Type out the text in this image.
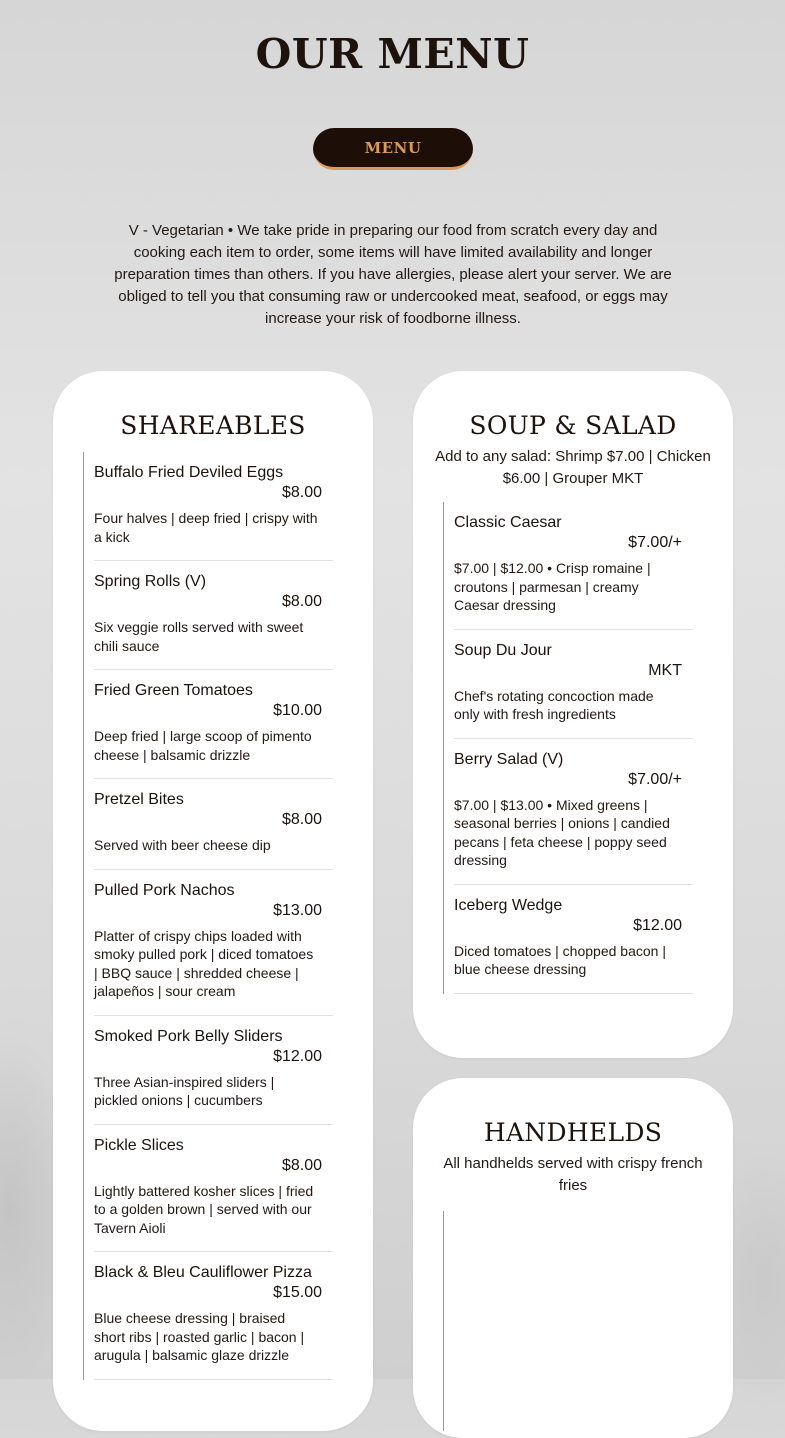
OUR MENU
MENU

V - Vegetarian • We take pride in preparing our food from scratch every day and cooking each item to order, some items will have limited availability and longer preparation times than others. If you have allergies, please alert your server. We are obliged to tell you that consuming raw or undercooked meat, seafood, or eggs may increase your risk of foodborne illness.

SHAREABLES
Buffalo Fried Deviled Eggs
$8.00
Four halves | deep fried | crispy with a kick
Spring Rolls (V)
$8.00
Six veggie rolls served with sweet chili sauce
Fried Green Tomatoes
$10.00
Deep fried | large scoop of pimento cheese | balsamic drizzle
Pretzel Bites
$8.00
Served with beer cheese dip
Pulled Pork Nachos
$13.00
Platter of crispy chips loaded with smoky pulled pork | diced tomatoes | BBQ sauce | shredded cheese | jalapeños | sour cream
Smoked Pork Belly Sliders
$12.00
Three Asian-inspired sliders | pickled onions | cucumbers
Pickle Slices
$8.00
Lightly battered kosher slices | fried to a golden brown | served with our Tavern Aioli
Black & Bleu Cauliflower Pizza
$15.00
Blue cheese dressing | braised short ribs | roasted garlic | bacon | arugula | balsamic glaze drizzle
SOUP & SALAD
Add to any salad: Shrimp $7.00 | Chicken $6.00 | Grouper MKT
Classic Caesar
$7.00/+
$7.00 | $12.00 • Crisp romaine | croutons | parmesan | creamy Caesar dressing
Soup Du Jour
MKT
Chef's rotating concoction made only with fresh ingredients
Berry Salad (V)
$7.00/+
$7.00 | $13.00 • Mixed greens | seasonal berries | onions | candied pecans | feta cheese | poppy seed dressing
Iceberg Wedge
$12.00
Diced tomatoes | chopped bacon | blue cheese dressing
HANDHELDS
All handhelds served with crispy french fries
